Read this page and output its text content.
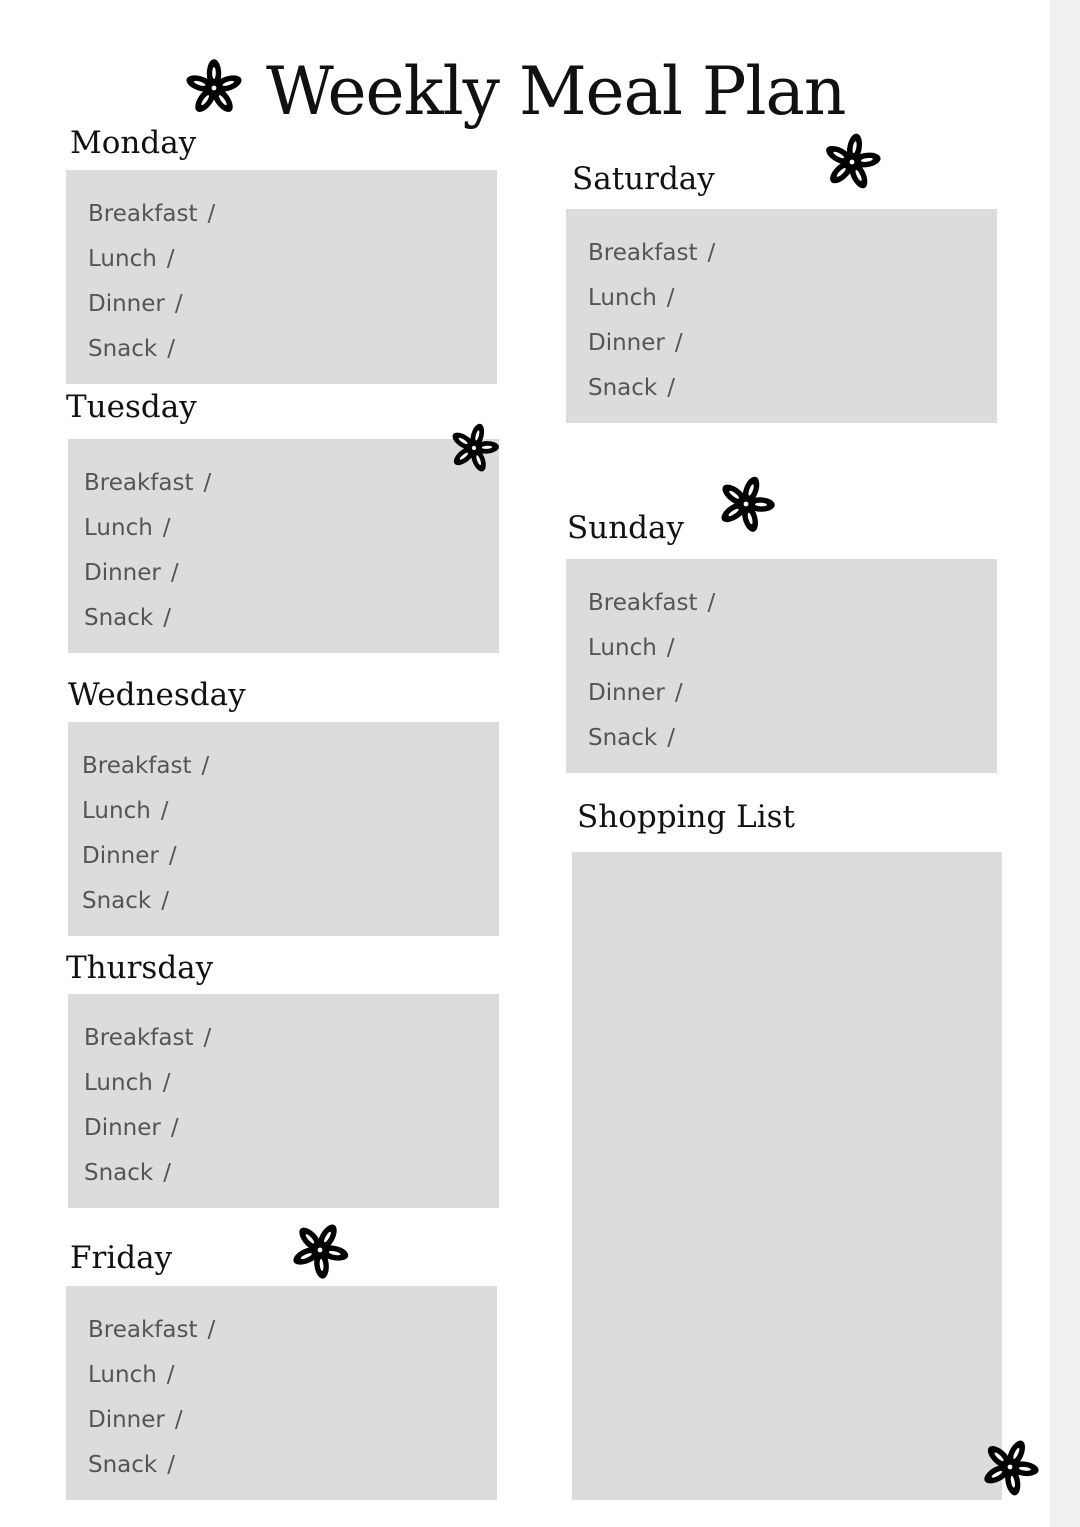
Weekly Meal Plan
Monday
Breakfast /
Lunch /
Dinner /
Snack /
Tuesday
Breakfast /
Lunch /
Dinner /
Snack /
Wednesday
Breakfast /
Lunch /
Dinner /
Snack /
Thursday
Breakfast /
Lunch /
Dinner /
Snack /
Friday
Breakfast /
Lunch /
Dinner /
Snack /
Saturday
Breakfast /
Lunch /
Dinner /
Snack /
Sunday
Breakfast /
Lunch /
Dinner /
Snack /
Shopping List
